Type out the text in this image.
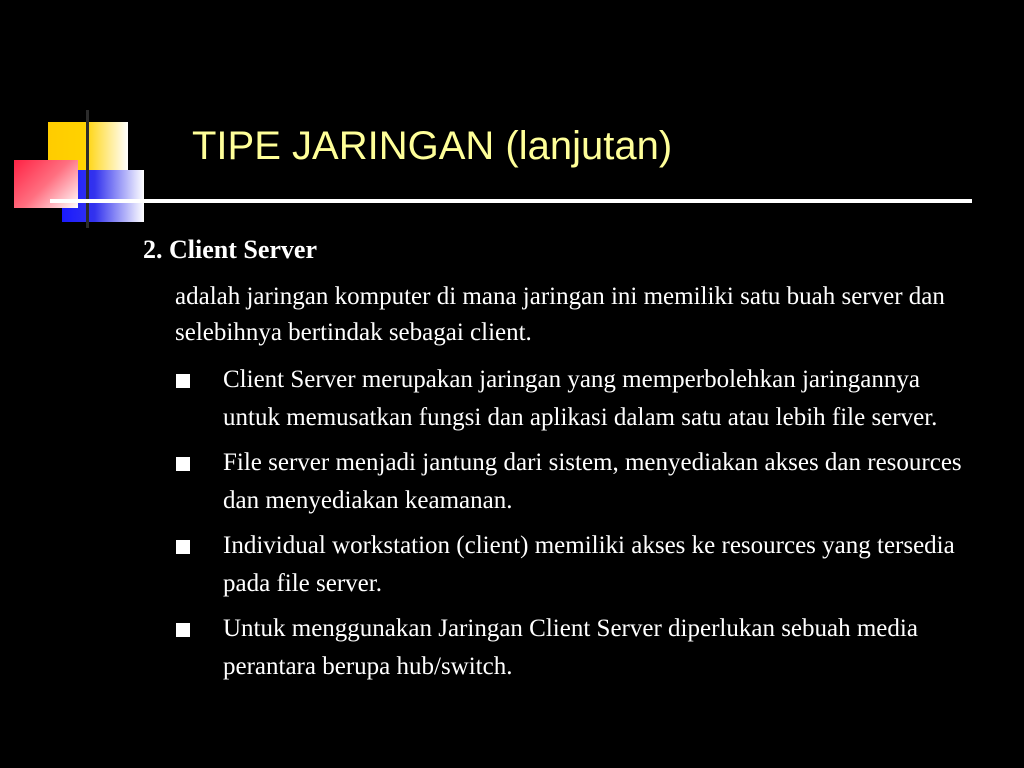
TIPE JARINGAN (lanjutan)
2. Client Server
adalah jaringan komputer di mana jaringan ini memiliki satu buah server dan selebihnya bertindak sebagai client.
Client Server merupakan jaringan yang memperbolehkan jaringannya untuk memusatkan fungsi dan aplikasi dalam satu atau lebih file server.
File server menjadi jantung dari sistem, menyediakan akses dan resources dan menyediakan keamanan.
Individual workstation (client) memiliki akses ke resources yang tersedia pada file server.
Untuk menggunakan Jaringan Client Server diperlukan sebuah media perantara berupa hub/switch.
